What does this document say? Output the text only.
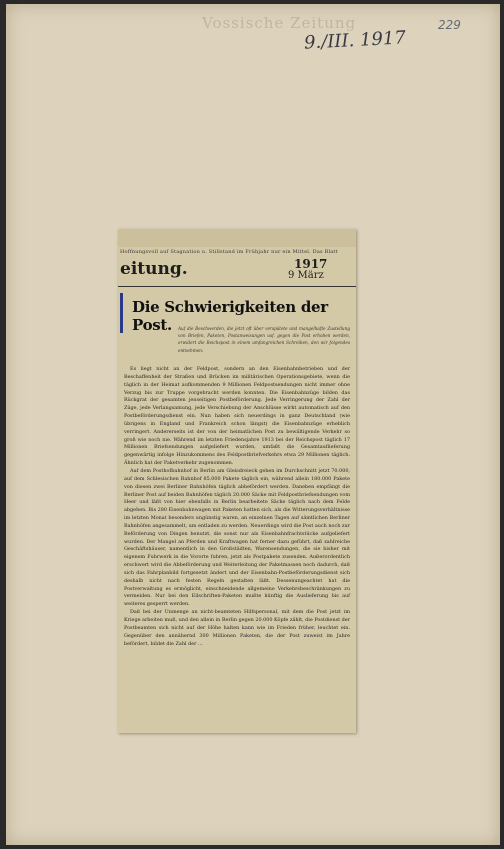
Vossische Zeitung
9./III. 1917
229
Hoffnungsvoll auf Stagnation u. Stillstand im Frühjahr nur ein Mittel. Das Blatt
eitung.	1917
9 März
Die Schwierigkeiten der Post.	Auf die Beschwerden, die jetzt oft über verspätete und mangelhafte Zustellung von Briefen, Paketen, Postanweisungen usf. gegen die Post erhoben werden, erwidert die Reichspost in einem umfangreichen Schreiben, den wir folgendes entnehmen:

Es liegt nicht an der Feldpost, sondern an den Eisenbahnbetrieben und der Beschaffenheit der Straßen und Brücken im militärischen Operationsgebiete, wenn die täglich in der Heimat aufkommenden 9 Millionen Feldpostsendungen nicht immer ohne Verzug bis zur Truppe vorgebracht werden konnten. Die Eisenbahnzüge bilden das Rückgrat der gesamten jenseitigen Postbeförderung. Jede Verringerung der Zahl der Züge, jede Verlangsamung, jede Verschiebung der Anschlüsse wirkt automatisch auf den Postbeförderungsdienst ein. Nun haben sich neuerdings in ganz Deutschland (wie übrigens in England und Frankreich schon längst) die Eisenbahnzüge erheblich verringert. Andererseits ist der von der heimatlichen Post zu bewältigende Verkehr so groß wie noch nie. Während im letzten Friedensjahre 1913 bei der Reichspost täglich 17 Millionen Briefsendungen aufgeliefert wurden, umfaßt die Gesamtauflieferung gegenwärtig infolge Hinzukommens des Feldpostbriefverkehrs etwa 29 Millionen täglich. Ähnlich hat der Paketverkehr zugenommen.

Auf dem Posthofbahnhof in Berlin am Gleisdreieck gehen im Durchschnitt jetzt 70.000, auf dem Schlesischen Bahnhof 85.000 Pakete täglich ein, während allein 180.000 Pakete von diesen zwei Berliner Bahnhöfen täglich abbefördert werden. Daneben empfängt die Berliner Post auf beiden Bahnhöfen täglich 20.000 Säcke mit Feldpostbriefsendungen vom Heer und läßt von hier ebenfalls in Berlin bearbeitete Säcke täglich nach dem Felde abgehen. Bis 280 Eisenbahnwagen mit Paketen hatten sich, als die Witterungsverhältnisse im letzten Monat besonders ungünstig waren, an einzelnen Tagen auf sämtlichen Berliner Bahnhöfen angesammelt, um entladen zu werden. Neuerdings wird die Post auch noch zur Beförderung von Dingen benutzt, die sonst nur als Eisenbahnfrachtstücke aufgeliefert wurden. Der Mangel an Pferden und Kraftwagen hat ferner dazu geführt, daß zahlreiche Geschäftshäuser, namentlich in den Großstädten, Warensendungen, die sie bisher mit eigenem Fuhrwerk in die Vororte fuhren, jetzt als Postpakete zusenden. Außerordentlich erschwert wird die Abbeförderung und Weiterleitung der Paketmassen noch dadurch, daß sich das Fahrplanbild fortgesetzt ändert und der Eisenbahn-Postbeförderungsdienst sich deshalb nicht nach festen Regeln gestalten läßt. Dessenungeachtet hat die Postverwaltung es ermöglicht, einschneidende allgemeine Verkehrsbeschränkungen zu vermeiden. Nur bei den Eilschriften-Paketen mußte künftig die Auslieferung bis auf weiteres gesperrt werden.

Daß bei der Unmenge an nicht-beamteten Hilfspersonal, mit dem die Post jetzt im Kriege arbeiten muß, und den allein in Berlin gegen 20.000 Köpfe zählt, die Postdienst der Postbeamten sich nicht auf der Höhe halten kann wie im Frieden früher, leuchtet ein. Gegenüber den annähernd 300 Millionen Paketen, die der Post zuweist im Jahre befördert, bildet die Zahl der ...
